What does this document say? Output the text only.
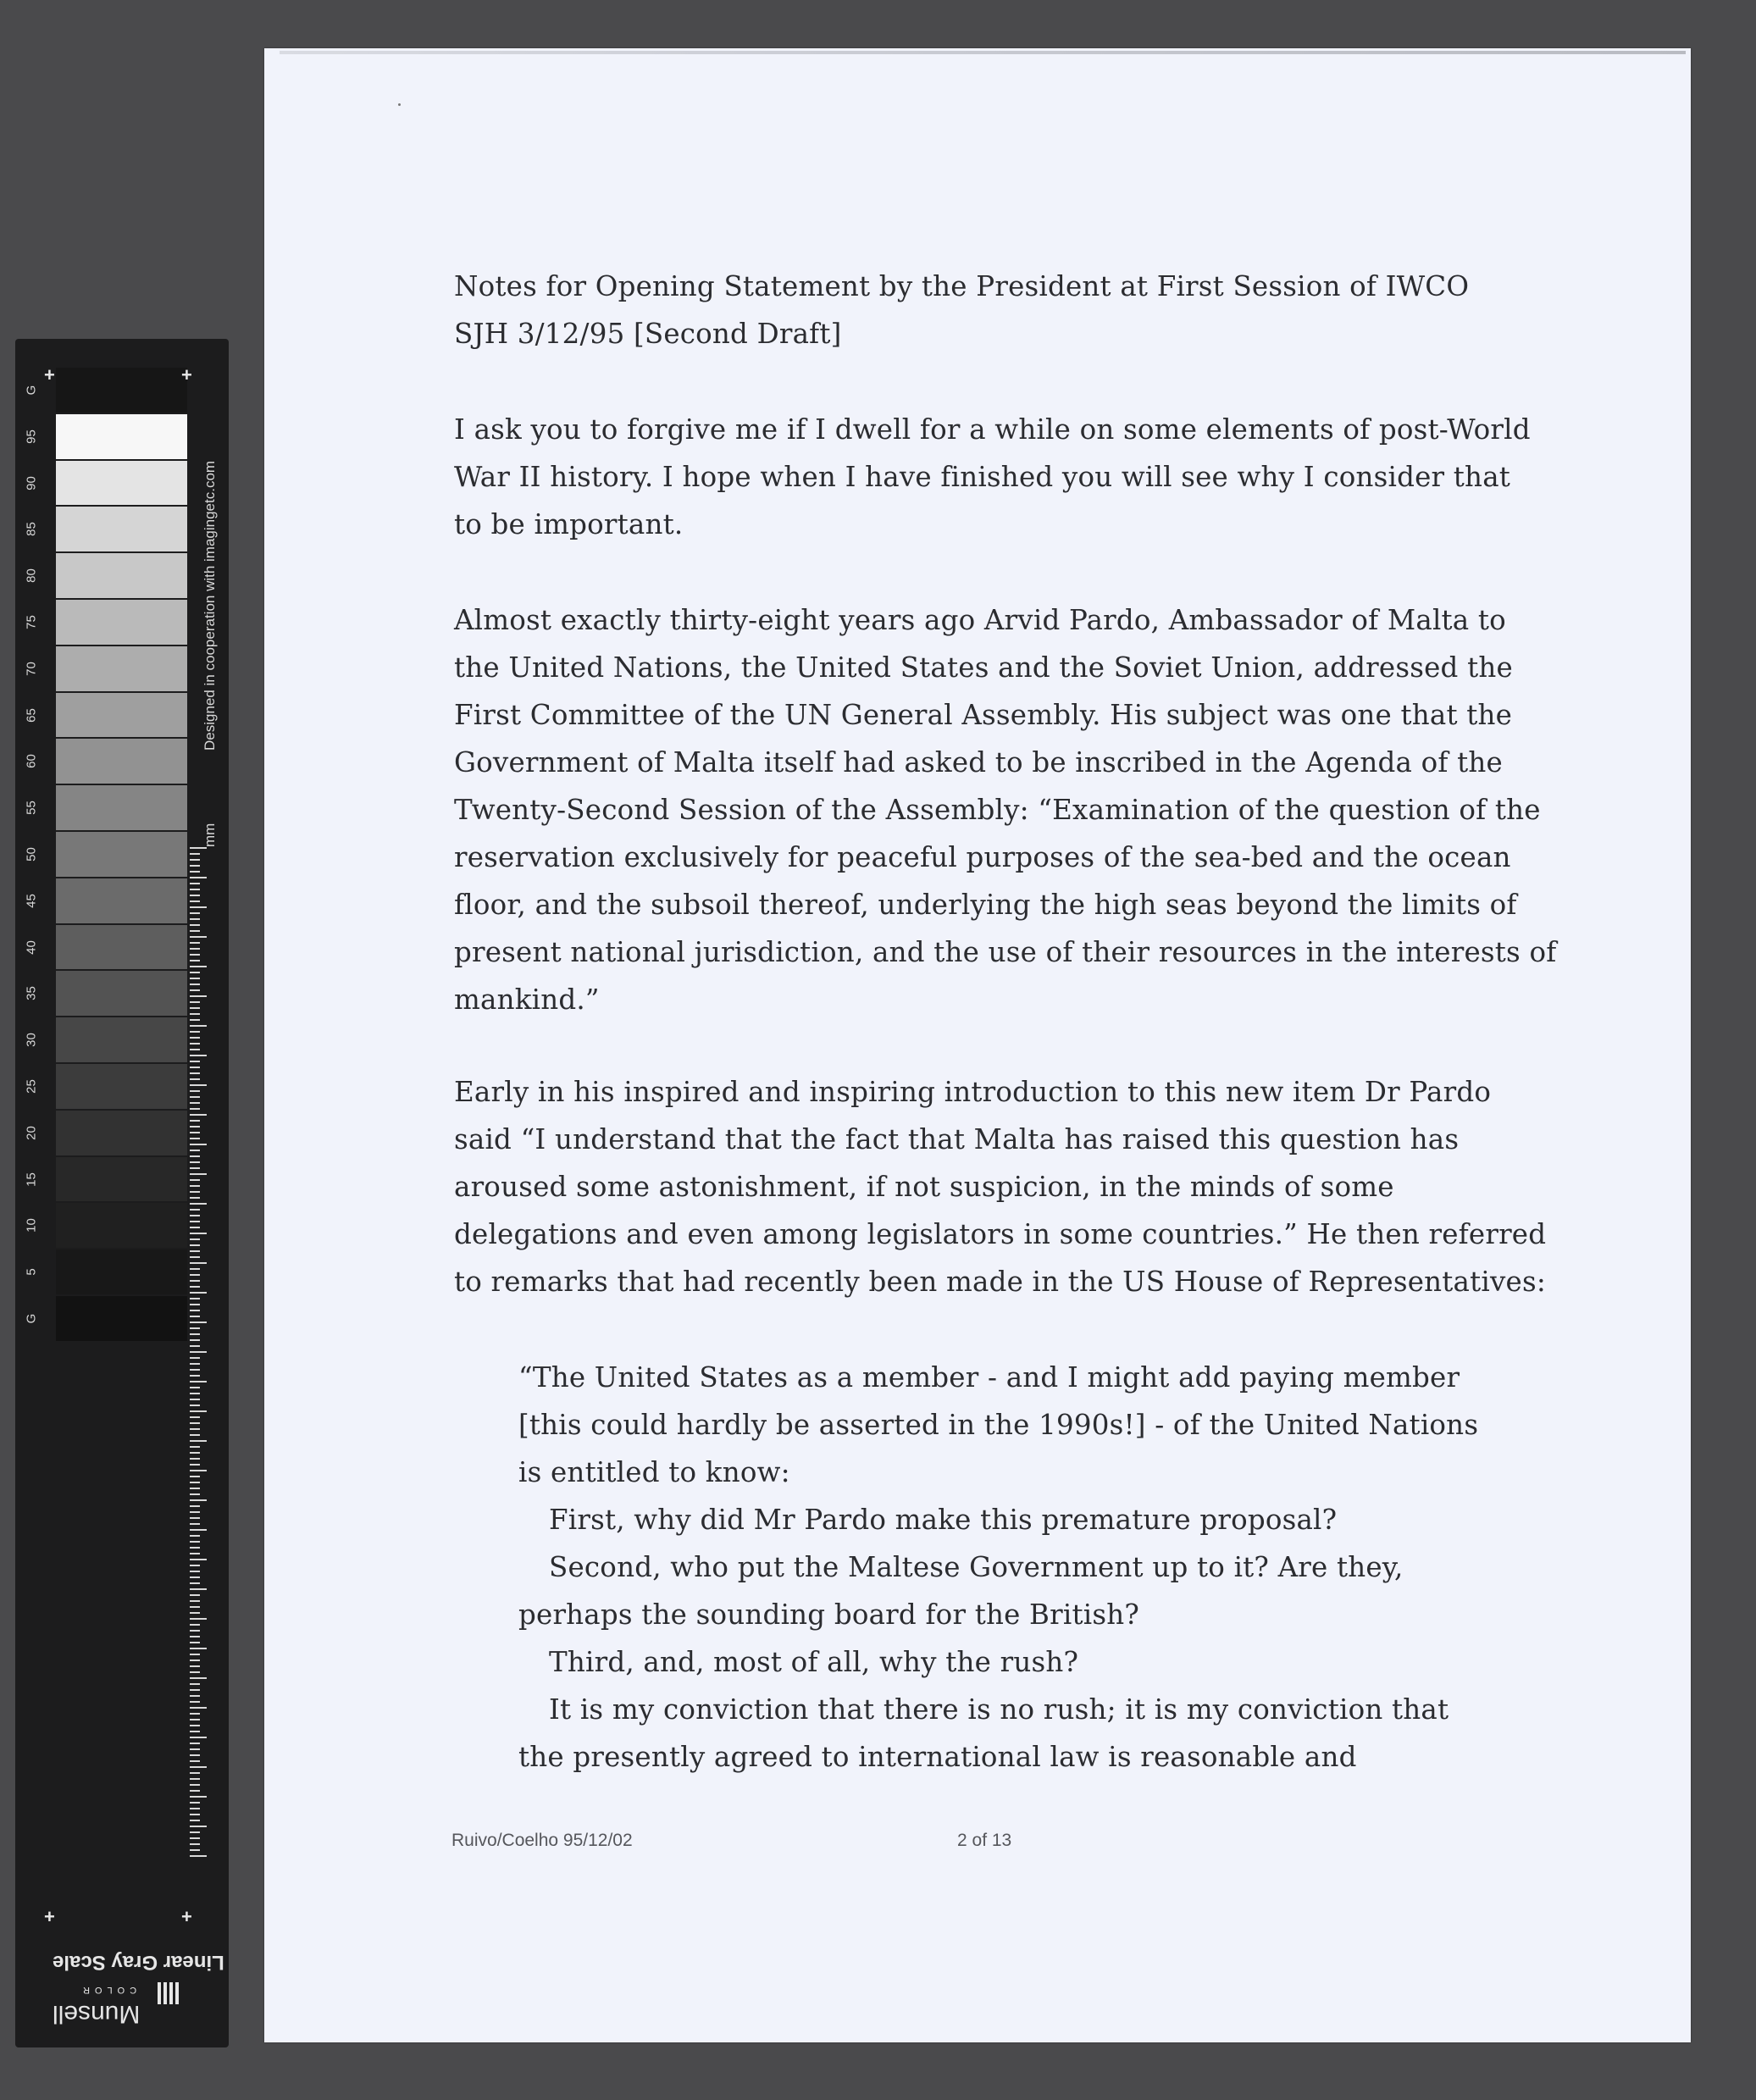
G
95
90
85
80
75
70
65
60
55
50
45
40
35
30
25
20
15
10
5
G
+	+
+	+
mm
Designed in cooperation with imagingetc.com
Linear Gray Scale
Munsell
COLOR
Notes for Opening Statement by the President at First Session of IWCO
SJH 3/12/95 [Second Draft]
I ask you to forgive me if I dwell for a while on some elements of post-World
War II history. I hope when I have finished you will see why I consider that
to be important.
Almost exactly thirty-eight years ago Arvid Pardo, Ambassador of Malta to
the United Nations, the United States and the Soviet Union, addressed the
First Committee of the UN General Assembly. His subject was one that the
Government of Malta itself had asked to be inscribed in the Agenda of the
Twenty-Second Session of the Assembly: “Examination of the question of the
reservation exclusively for peaceful purposes of the sea-bed and the ocean
floor, and the subsoil thereof, underlying the high seas beyond the limits of
present national jurisdiction, and the use of their resources in the interests of
mankind.”
Early in his inspired and inspiring introduction to this new item Dr Pardo
said “I understand that the fact that Malta has raised this question has
aroused some astonishment, if not suspicion, in the minds of some
delegations and even among legislators in some countries.” He then referred
to remarks that had recently been made in the US House of Representatives:
“The United States as a member - and I might add paying member
[this could hardly be asserted in the 1990s!] - of the United Nations
is entitled to know:
First, why did Mr Pardo make this premature proposal?
Second, who put the Maltese Government up to it? Are they,
perhaps the sounding board for the British?
Third, and, most of all, why the rush?
It is my conviction that there is no rush; it is my conviction that
the presently agreed to international law is reasonable and
Ruivo/Coelho 95/12/02	2 of 13
